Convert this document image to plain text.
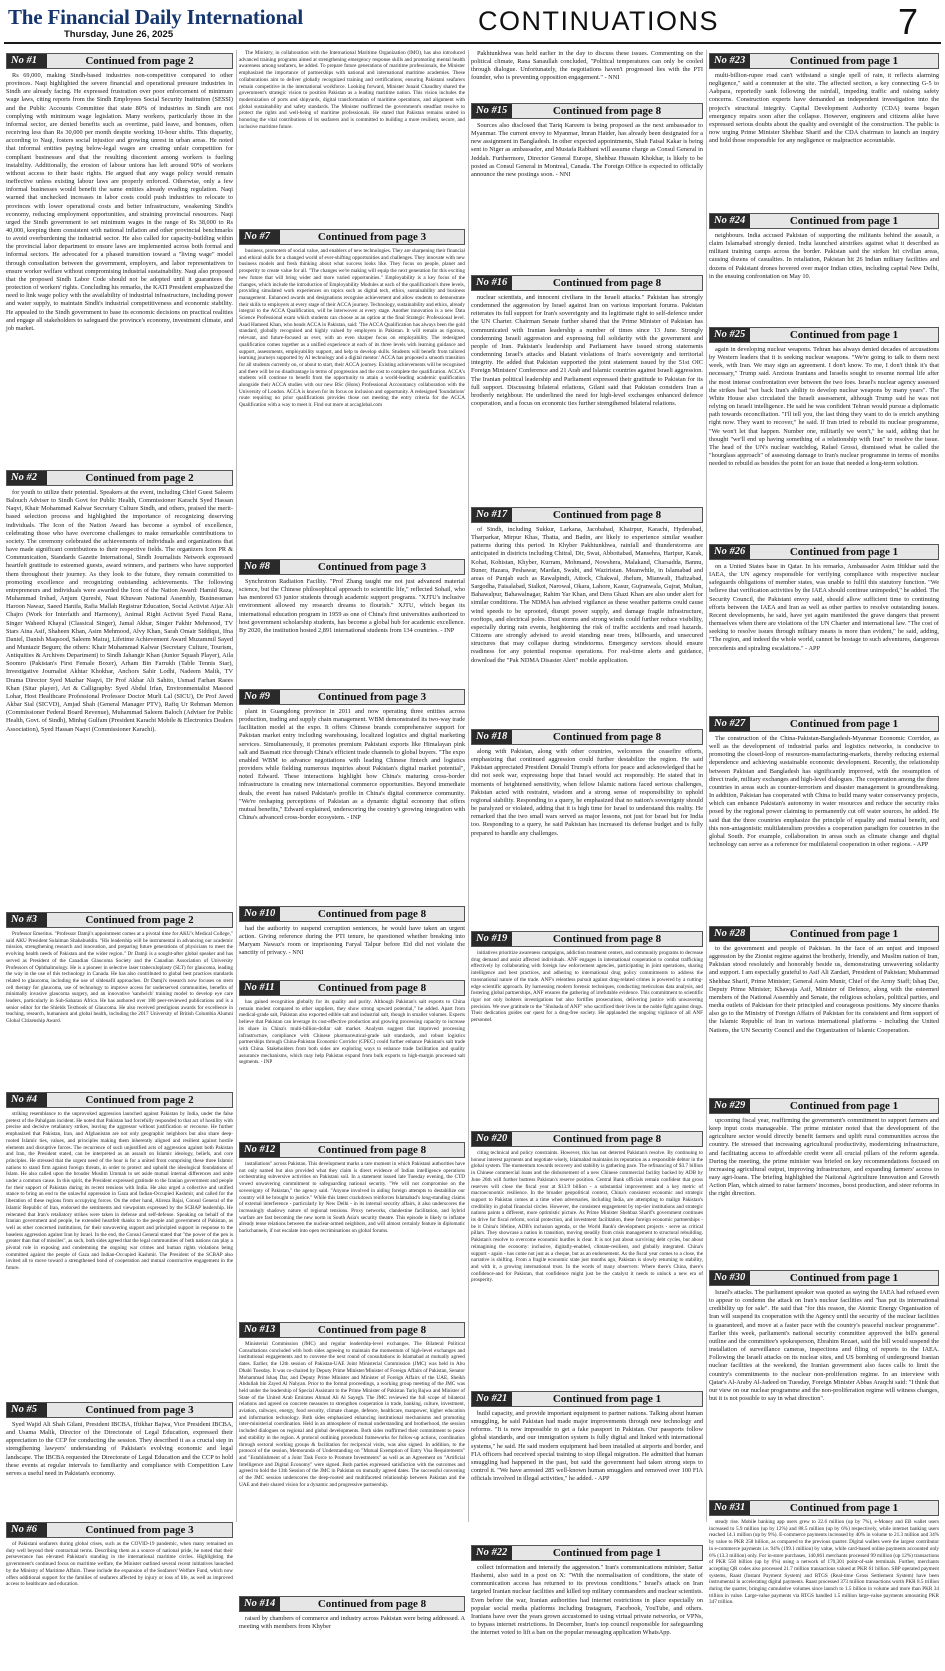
The Financial Daily International
Thursday, June 26, 2025	CONTINUATIONS	7
No #1	Continued from page 2

Rs 69,000, making Sindh-based industries non-competitive compared to other provinces. Naqi highlighted the severe financial and operational pressure industries in Sindh are already facing. He expressed frustration over poor enforcement of minimum wage laws, citing reports from the Sindh Employees Social Security Institution (SESSI) and the Public Accounts Committee that state 80% of industries in Sindh are not complying with minimum wage legislation. Many workers, particularly those in the informal sector, are denied benefits such as overtime, paid leave, and bonuses, often receiving less than Rs 30,000 per month despite working 10-hour shifts. This disparity, according to Naqi, fosters social injustice and growing unrest in urban areas. He noted that informal entities paying below-legal wages are creating unfair competition for compliant businesses and that the resulting discontent among workers is fueling instability. Additionally, the erosion of labour unions has left around 90% of workers without access to their basic rights. He argued that any wage policy would remain ineffective unless existing labour laws are properly enforced. Otherwise, only a few informal businesses would benefit the same entities already evading regulation. Naqi warned that unchecked increases in labor costs could push industries to relocate to provinces with lower operational costs and better infrastructure, weakening Sindh's economy, reducing employment opportunities, and straining provincial resources. Naqi urged the Sindh government to set minimum wages in the range of Rs 38,000 to Rs 40,000, keeping them consistent with national inflation and other provincial benchmarks to avoid overburdening the industrial sector. He also called for capacity-building within the provincial labor department to ensure laws are implemented across both formal and informal sectors. He advocated for a phased transition toward a "living wage" model through consultation between the government, employers, and labor representatives to ensure worker welfare without compromising industrial sustainability. Naqi also proposed that the proposed Sindh Labor Code should not be adopted until it guarantees the protection of workers' rights. Concluding his remarks, the KATI President emphasized the need to link wage policy with the availability of industrial infrastructure, including power and water supply, to maintain Sindh's industrial competitiveness and economic stability. He appealed to the Sindh government to base its economic decisions on practical realities and engage all stakeholders to safeguard the province's economy, investment climate, and job market.

No #2	Continued from page 2

for youth to utilize their potential. Speakers at the event, including Chief Guest Saleem Balouch Adviser to Sindh Govt for Public Health, Commissioner Karachi Syed Hassan Naqvi, Khair Mohammad Kalwar Secretary Culture Sindh, and others, praised the merit-based selection process and highlighted the importance of recognizing deserving individuals. The Icon of the Nation Award has become a symbol of excellence, celebrating those who have overcome challenges to make remarkable contributions to society. The ceremony celebrated the achievements of individuals and organizations that have made significant contributions to their respective fields. The organizers Icon PR & Communication, Standards Gazette International, Sindh Journalists Network expressed heartfelt gratitude to esteemed guests, award winners, and partners who have supported them throughout their journey. As they look to the future, they remain committed to promoting excellence and recognizing outstanding achievements. The following entrepreneurs and individuals were awarded the Icon of the Nation Award: Hamid Raza, Muhammad Irshad, Anjum Qureshi, Naat Khuwan National Assembly, Businessman Haroon Nawaz, Saeed Hanifa, Rafia Mallah Registrar Education, Social Activist Aijaz Ali Chajro (Work for Interfaith and Harmony), Animal Right Activist Syed Fazal Rana, Singer Waheed Khayal (Classical Singer), Jamal Akbar, Singer Fakhir Mehmood, TV Stars Aina Asif, Shaheen Khan, Asim Mehmood, Alvy Khan, Sarah Omair Siddiqui, Ifna Daniel, Danish Maqsood, Saleem Mairaj, Lifetime Achievement Award Muzammil Sayed and Muntazir Begum; the others: Khair Muhammad Kalwar (Secretary Culture, Tourism, Antiquities & Archives Department) to Sindh Jahangir Khan (Junior Squash Player), Aila Soomro (Pakistan's First Female Boxer), Arham Bin Farrukh (Table Tennis Star), Investigative Journalist Akhtar Khokhar, Anchors Sahir Lodhi, Nadeem Malik, TV Drama Director Syed Mazhar Naqvi, Dr Prof Akbar Ali Sahito, Usmad Farhan Raees Khan (Sitar player), Art & Calligraphy: Syed Abdul Irfan, Environmentalist Masood Lohar, Host Healthcare Professional Professor Doctor Murli Lal (SICU), Dr Prof Javed Akbar Sial (SICVD), Amjad Shah (General Manager PTV), Rafiq Ur Rehman Memon (Commissioner Federal Board Revenue), Muhammad Saleem Baloch (Adviser for Public Health, Govt. of Sindh), Minhaj Gulfam (President Karachi Mobile & Electronics Dealers Association), Syed Hassan Naqvi (Commissioner Karachi).

No #3	Continued from page 2

Professor Emeritus. "Professor Damji's appointment comes at a pivotal time for AKU's Medical College," said AKU President Sulaiman Shahabuddin. "His leadership will be instrumental in advancing our academic mission, strengthening research and innovation, and preparing future generations of physicians to meet the evolving health needs of Pakistan and the wider region." Dr Damji is a sought-after global speaker and has served as President of the Canadian Glaucoma Society and the Canadian Association of University Professors of Ophthalmology. He is a pioneer in selective laser trabeculoplasty (SLT) for glaucoma, leading the way in the use of this technology in Canada. He has also contributed to global best practices standards related to glaucoma, including the use of sildenafil approaches. Dr Damji's research now focuses on stem cell therapy for glaucoma, use of technology to improve access for underserved communities, benefits of minimally invasive glaucoma surgery, and an innovative 'sandwich' training model to develop eye care leaders, particularly in Sub-Saharan Africa. He has authored over 180 peer-reviewed publications and is a senior editor for the Shields Textbook of Glaucoma. He also received prestigious awards for excellence in teaching, research, humanism and global health, including the 2017 University of British Columbia Alumni Global Citizenship Award.

No #4	Continued from page 2

striking resemblance to the unprovoked aggression launched against Pakistan by India, under the false pretext of the Pahalgam incident. He noted that Pakistan had forcefully responded to that act of hostility with precise and decisive retaliatory strikes, leaving the aggressor without justification or recourse. He further emphasized that Pakistan, Iran, and Afghanistan are not only geographic neighbors but also share deep-rooted Islamic ties, values, and principles making them inherently aligned and resilient against hostile elements and disruptive forces. The recurrence of such unjustified acts of aggression against both Pakistan and Iran, the President stated, can be interpreted as an assault on Islamic ideology, beliefs, and core principles. He stressed that the urgent need of the hour is for a united front comprising these three Islamic nations to stand firm against foreign threats, in order to protect and uphold the ideological foundations of Islam. He also called upon the broader Muslim Ummah to set aside mutual internal differences and unite under a common cause. In this spirit, the President expressed gratitude to the Iranian government and people for their support of Pakistan during its recent tensions with India. He also urged a collective and unified stance to bring an end to the unlawful oppression in Gaza and Indian-Occupied Kashmir, and called for the liberation of these regions from occupying forces. On the other hand, Alireza Bajai, Consul General of the Islamic Republic of Iran, endorsed the sentiments and viewpoints expressed by the SCBAP leadership. He reiterated that Iran's retaliatory strikes were taken in defense and self-defense. Speaking on behalf of the Iranian government and people, he extended heartfelt thanks to the people and government of Pakistan, as well as other concerned institutions, for their unwavering support and principled support in response to the baseless aggression against Iran by Israel. In the end, the Consul General stated that "the power of the pen is greater than that of missiles", as such, both sides agreed that the legal communities of both nations can play a pivotal role in exposing and condemning the ongoing war crimes and human rights violations being committed against the people of Gaza and Indian-Occupied Kashmir. The President of the SCBAP also invited all to move toward a strengthened bond of cooperation and mutual constructive engagement in the future.

No #5	Continued from page 3

Syed Wajid Ali Shah Gilani, President IBCBA, Iftikhar Bajwa, Vice President IBCBA, and Usama Malik, Director of the Directorate of Legal Education, expressed their appreciation to the CCP for conducting the session. They described it as a crucial step in strengthening lawyers' understanding of Pakistan's evolving economic and legal landscape. The IBCBA requested the Directorate of Legal Education and the CCP to hold these events at regular intervals to familiarity and compliance with Competition Law serves a useful need in Pakistan's economy.

No #6	Continued from page 3

of Pakistani seafarers during global crises, such as the COVID-19 pandemic, when many remained on duty well beyond their contractual terms. Describing them as a source of national pride, he noted that their perseverance has elevated Pakistan's standing in the international maritime circles. Highlighting the government's continued focus on maritime welfare, the Minister outlined several recent initiatives launched by the Ministry of Maritime Affairs. These include the expansion of the Seafarers' Welfare Fund, which now offers additional support for the families of seafarers affected by injury or loss of life, as well as improved access to healthcare and education.

The Ministry, in collaboration with the International Maritime Organization (IMO), has also introduced advanced training programs aimed at strengthening emergency response skills and promoting mental health awareness among seafarers, he added. To prepare future generations of maritime professionals, the Minister emphasized the importance of partnerships with national and international maritime academies. These collaborations aim to deliver globally recognized training and certifications, ensuring Pakistani seafarers remain competitive in the international workforce. Looking forward, Minister Junaid Chaudhry shared the government's strategic vision to position Pakistan as a leading maritime nation. This vision includes the modernization of ports and shipyards, digital transformation of maritime operations, and alignment with global sustainability and safety standards. The Minister reaffirmed the government's steadfast resolve to protect the rights and well-being of maritime professionals. He stated that Pakistan remains united in honoring the vital contributions of its seafarers and is committed to building a more resilient, secure, and inclusive maritime future.

No #7	Continued from page 3

business, promoters of social value, and enablers of new technologies. They are sharpening their financial and ethical skills for a changed world of ever-shifting opportunities and challenges. They innovate with new business models and fresh thinking about what success looks like. They focus on people, planet and prosperity to create value for all. "The changes we're making will equip the next generation for this exciting new future that will bring wider and more varied opportunities." Employability is a key focus of the changes, which include the introduction of Employability Modules at each of the qualification's three levels, providing simulated work experiences on topics such as digital tech, ethics, sustainability and business management. Enhanced awards and designations recognise achievement and allow students to demonstrate their skills to employers at every stage of their ACCA journey. Technology, sustainability and ethics, already integral to the ACCA Qualification, will be interwoven at every stage. Another innovation is a new Data Science Professional exam which students can choose as an option at the final Strategic Professional level. Asad Hameed Khan, who heads ACCA in Pakistan, said: 'The ACCA Qualification has always been the gold standard, globally recognised and highly valued by employers in Pakistan. It will remain as rigorous, relevant, and future-focused as ever, with an even sharper focus on employability. The redesigned qualification comes together as a unified experience at each of its three levels with learning guidance and support, assessments, employability support, and help to develop skills. Students will benefit from tailored learning journeys supported by AI technology and a digital mentor.' ACCA has proposed a smooth transition for all students currently on, or about to start, their ACCA journey. Existing achievements will be recognised and there will be no disadvantage in terms of progression and the cost to complete the qualification. ACCA's students will continue to benefit from the opportunity to attain a world-leading academic qualification alongside their ACCA studies with our new BSc (Hons) Professional Accountancy collaboration with the University of London. ACCA is known for its focus on inclusion and opportunity. A redesigned 'foundations' route requiring no prior qualifications provides those not meeting the entry criteria for the ACCA Qualification with a way to meet it. Find out more at accaglobal.com

No #8	Continued from page 3

Synchrotron Radiation Facility. "Prof Zhang taught me not just advanced material science, but the Chinese philosophical approach to scientific life," reflected Sohail, who has mentored 63 junior students through academic support programs. "XJTU's inclusive environment allowed my research dreams to flourish." XJTU, which began its international education program in 1959 as one of China's first universities authorized to host government scholarship students, has become a global hub for academic excellence. By 2020, the institution hosted 2,891 international students from 134 countries. - INP

No #9	Continued from page 3

plant in Guangdong province in 2011 and now operating three entities across production, trading and supply chain management. WBM demonstrated its two-way trade facilitation model at the expo. It offers Chinese brands comprehensive support for Pakistan market entry including warehousing, localized logistics and digital marketing services. Simultaneously, it promotes premium Pakistani exports like Himalayan pink salt and Basmati rice through China's efficient trade channels to global buyers. "The expo enabled WBM to advance negotiations with leading Chinese fintech and logistics providers while fielding numerous inquiries about Pakistan's digital market potential", noted Edward. These interactions highlight how China's maturing cross-border infrastructure is creating new international commerce opportunities. Beyond immediate deals, the event has raised Pakistan's profile in China's digital commerce community. "We're reshaping perceptions of Pakistan as a dynamic digital economy that offers mutual benefits," Edward explained, underscoring the country's growing integration with China's advanced cross-border ecosystem. - INP

No #10	Continued from page 8

had the authority to suspend corruption sentences, he would have taken an urgent action. Giving reference during the PTI tenure, he questioned whether breaking into Maryam Nawaz's room or imprisoning Faryal Talpur before Eid did not violate the sanctity of privacy. - NNI

No #11	Continued from page 8

has gained recognition globally for its quality and purity. Although Pakistan's salt exports to China remain modest compared to other suppliers, they show strong upward potential," he added. Apart from medical-grade salt, Pakistan also exported edible salt and industrial salt, though in smaller volumes. Experts believe that Pakistan can leverage its cost-effective production and growing processing capacity to increase its share in China's multi-billion-dollar salt market. Analysts suggest that improved processing infrastructure, compliance with Chinese pharmaceutical-grade salt standards, and robust logistics partnerships through China-Pakistan Economic Corridor (CPEC) could further enhance Pakistan's salt trade with China. Stakeholders from both sides are exploring ways to enhance trade facilitation and quality assurance mechanisms, which may help Pakistan expand from bulk exports to high-margin processed salt segments. - INP

No #12	Continued from page 8

installations" across Pakistan. This development marks a rare moment in which Pakistani authorities have not only named but also provided what they claim is direct evidence of Indian intelligence operations orchestrating subversive activities on Pakistani soil. In a statement issued late Tuesday evening, the CTD vowed unwavering commitment to safeguarding national security. "We will not compromise on the sovereignty of Pakistan," the agency said. "Anyone involved in aiding foreign attempts to destabilize our country will be brought to justice." While this latest crackdown reinforces Islamabad's long-standing claims of external interference - particularly by New Delhi - in its internal security affairs, it also underscores the increasingly shadowy nature of regional tensions. Proxy networks, clandestine facilitation, and hybrid warfare are fast becoming the new norm in South Asia's security theatre. This episode is likely to inflame already tense relations between the nuclear-armed neighbors, and will almost certainly feature in diplomatic backchannels, if not escalate into open recriminations on global forums.

No #13	Continued from page 8

Ministerial Commission (JMC) and regular leadership-level exchanges. The Bilateral Political Consultations concluded with both sides agreeing to maintain the momentum of high-level exchanges and institutional engagements and to convene the next round of consultations in Islamabad at mutually agreed dates. Earlier, the 12th session of Pakistan-UAE Joint Ministerial Commission (JMC) was held in Abu Dhabi Tuesday. It was co-chaired by Deputy Prime Minister/Minister of Foreign Affairs of Pakistan, Senator Mohammad Ishaq Dar, and Deputy Prime Minister and Minister of Foreign Affairs of the UAE, Sheikh Abdullah bin Zayed Al Nahyan. Prior to the formal proceedings, a working group meeting of the JMC was held under the leadership of Special Assistant to the Prime Minister of Pakistan Tariq Bajwa and Minister of State of the United Arab Emirates Ahmad Ali Al Sayegh. The JMC reviewed the full scope of bilateral relations and agreed on concrete measures to strengthen cooperation in trade, banking, culture, investment, aviation, railways, energy, food security, climate change, defence, healthcare, manpower, higher education and information technology. Both sides emphasized enhancing institutional mechanisms and promoting inter-ministerial coordination. Held in an atmosphere of mutual understanding and brotherhood, the session included dialogues on regional and global developments. Both sides reaffirmed their commitment to peace and stability in the region. A protocol outlining procedural frameworks for follow-up actions, coordination through sectoral working groups & facilitation for reciprocal visits, was also signed. In addition, to the protocol of the session, Memoranda of Understanding on "Mutual Exemption of Entry Visa Requirements" and "Establishment of a Joint Task Force to Promote Investments" as well as an Agreement on "Artificial Intelligence and Digital Economy" were signed. Both parties expressed satisfaction with the outcomes and agreed to hold the 13th Session of the JMC in Pakistan on mutually agreed dates. The successful convening of the JMC session underscores the deep-rooted and multifaceted relationship between Pakistan and the UAE and their shared vision for a dynamic and progressive partnership.

No #14	Continued from page 8

raised by chambers of commerce and industry across Pakistan were being addressed. A meeting with members from Khyber

Pakhtunkhwa was held earlier in the day to discuss these issues. Commenting on the political climate, Rana Sanaullah concluded, "Political temperatures can only be cooled through dialogue. Unfortunately, the negotiations haven't progressed lies with the PTI founder, who is preventing opposition engagement." - NNI

No #15	Continued from page 8

Sources also disclosed that Tariq Kareem is being proposed as the next ambassador to Myanmar. The current envoy to Myanmar, Imran Haider, has already been designated for a new assignment in Bangladesh. In other expected appointments, Shah Faisal Kakar is being sent to Niger as ambassador, and Mustafa Rabbani will assume charge as Consul General in Jeddah. Furthermore, Director General Europe, Shehbaz Hussain Khokhar, is likely to be posted as Consul General in Montreal, Canada. The Foreign Office is expected to officially announce the new postings soon. - NNI

No #16	Continued from page 8

nuclear scientists, and innocent civilians in the Israeli attacks." Pakistan has strongly condemned the aggression by Israel against Iran on various important forums. Pakistan reiterates its full support for Iran's sovereignty and its legitimate right to self-defence under the UN Charter. Chairman Senate further shared that the Prime Minister of Pakistan has communicated with Iranian leadership a number of times since 13 June. Strongly condemning Israeli aggression and expressing full solidarity with the government and people of Iran. Pakistan's leadership and Parliament have issued strong statements condemning Israel's attacks and blatant violations of Iran's sovereignty and territorial integrity. He added that Pakistan supported the joint statement issued by the 51st OIC Foreign Ministers' Conference and 21 Arab and Islamic countries against Israeli aggression. The Iranian political leadership and Parliament expressed their gratitude to Pakistan for its full support. Discussing bilateral relations, Gilani said that Pakistan considers Iran a brotherly neighbour. He underlined the need for high-level exchanges enhanced defence cooperation, and a focus on economic ties further strengthened bilateral relations.

No #17	Continued from page 8

of Sindh, including Sukkur, Larkana, Jacobabad, Khairpur, Karachi, Hyderabad, Tharparkar, Mirpur Khas, Thatta, and Badin, are likely to experience similar weather patterns during this period. In Khyber Pakhtunkhwa, rainfall and thunderstorms are anticipated in districts including Chitral, Dir, Swat, Abbottabad, Mansehra, Haripur, Karak, Kohat, Kohistan, Khyber, Kurram, Mohmand, Nowshera, Malakand, Charsadda, Bannu, Buner, Hazara, Peshawar, Mardan, Swabi, and Waziristan. Meanwhile, in Islamabad and areas of Punjab such as Rawalpindi, Attock, Chakwal, Jhelum, Mianwali, Hafizabad, Sargodha, Faisalabad, Sialkot, Narowal, Okara, Lahore, Kasur, Gujranwala, Gujrat, Multan, Bahawalpur, Bahawalnagar, Rahim Yar Khan, and Dera Ghazi Khan are also under alert for similar conditions. The NDMA has advised vigilance as these weather patterns could cause wind speeds to be uprooted, disrupt power supply, and damage fragile infrastructure, rooftops, and electrical poles. Dust storms and strong winds could further reduce visibility, especially during rain events, heightening the risk of traffic accidents and road hazards. Citizens are strongly advised to avoid standing near trees, billboards, and unsecured structures that may collapse during windstorms. Emergency services should ensure readiness for any potential response operations. For real-time alerts and guidance, download the "Pak NDMA Disaster Alert" mobile application.

No #18	Continued from page 8

along with Pakistan, along with other countries, welcomes the ceasefire efforts, emphasizing that continued aggression could further destabilize the region. He said Pakistan appreciated President Donald Trump's efforts for peace and acknowledged that he did not seek war, expressing hope that Israel would act responsibly. He stated that in moments of heightened sensitivity, when fellow Islamic nations faced serious challenges, Pakistan acted with restraint, wisdom and a strong sense of responsibility to uphold regional stability. Responding to a query, he emphasized that no nation's sovereignty should be paralyzed or violated, adding that it is high time for Israel to understand this reality. He remarked that the two small wars served as major lessons, not just for Israel but for India too. Responding to a query, he said Pakistan has increased its defense budget and is fully prepared to handle any challenges.

No #19	Continued from page 8

initiatives prioritize awareness campaigns, addiction treatment centers, and community programs to decrease drug demand and assist affected individuals. ANF engages in international cooperation to combat trafficking effectively by collaborating with foreign law enforcement agencies, participating in joint operations, sharing intelligence and best practices, and adhering to international drug policy commitments to address the transnational nature of the trade. ANF's relentless pursuit against drug-related crimes is powered by a cutting-edge scientific approach. By harnessing modern forensic techniques, conducting meticulous data analysis, and fostering global partnerships, ANF ensures the gathering of irrefutable evidence. This commitment to scientific rigor not only bolsters investigations but also fortifies prosecutions, delivering justice with unwavering precision. We owe gratitude to the "Shuhada of ANF" who sacrificed their lives in the noble fight against drugs. Their dedication guides our quest for a drug-free society. He applauded the ongoing vigilance of all ANF personnel.

No #20	Continued from page 8

citing technical and policy constraints. However, this has not deterred Pakistan's resolve. By continuing to honour interest payments and negotiate wisely, Islamabad maintains its reputation as a responsible debtor in the global system. The momentum towards recovery and stability is gathering pace. The refinancing of $3.7 billion in Chinese commercial loans and the disbursement of a new Chinese commercial facility backed by ADB by June 26th will further buttress Pakistan's reserve position. Central Bank officials remain confident that gross reserves will close the fiscal year at $13.9 billion - a substantial improvement and a key metric of macroeconomic resilience. In the broader geopolitical context, China's consistent economic and strategic support to Pakistan comes at a time when adversaries, including India, are attempting to malign Pakistan's credibility in global financial circles. However, the consistent engagement by top-tier institutions and strategic nations paints a different, more optimistic picture. As Prime Minister Shehbaz Sharif's government continues its drive for fiscal reform, social protection, and investment facilitation, these foreign economic partnerships - be it China's lifeline, ADB's inclusion agenda, or the World Bank's development projects - serve as critical pillars. They showcase a nation in transition, moving steadily from crisis management to structural rebuilding. Pakistan's resolve to overcome economic hurdles is clear. It is not just about surviving debt cycles, but about reimagining the economy: inclusive, digitally-enabled, climate-resilient, and globally integrated. China's support - again - has come not just as a cheque, but as an endorsement. As the fiscal year comes to a close, the narrative is shifting. From a fragile economic state just months ago, Pakistan is slowly returning to stability, and with it, a growing international trust. In the words of many observers: Where there's China, there's confidence-and for Pakistan, that confidence might just be the catalyst it needs to unlock a new era of prosperity.

No #21	Continued from page 1

build capacity, and provide important equipment to partner nations. Talking about human smuggling, he said Pakistan had made major improvements through new technology and reforms. "It is now impossible to get a fake passport in Pakistan. Our passports follow global standards, and our immigration system is fully digital and linked with international systems," he said. He said modern equipment had been installed at airports and border, and FIA officers had received special training to stop illegal migration. He admitted that human smuggling had happened in the past, but said the government had taken strong steps to control it. "We have arrested 285 well-known human smugglers and removed over 100 FIA officials involved in illegal activities," he added. - APP

No #22	Continued from page 1

collect information and intensify the aggression." Iran's communications minister, Sattar Hashemi, also said in a post on X: "With the normalisation of conditions, the state of communication access has returned to its previous conditions." Israel's attack on Iran targeted Iranian nuclear facilities and killed top military commanders and nuclear scientists. Even before the war, Iranian authorities had internet restrictions in place especially on popular social media platforms including Instagram, Facebook, YouTube, and others. Iranians have over the years grown accustomed to using virtual private networks, or VPNs, to bypass internet restrictions. In December, Iran's top council responsible for safeguarding the internet voted to lift a ban on the popular messaging application WhatsApp.

No #23	Continued from page 1

multi-billion-rupee road can't withstand a single spell of rain, it reflects alarming negligence," said a commuter at the site. The affected section, a key connecting G-5 to Aabpara, reportedly sank following the rainfall, impeding traffic and raising safety concerns. Construction experts have demanded an independent investigation into the project's structural integrity. Capital Development Authority (CDA) teams began emergency repairs soon after the collapse. However, engineers and citizens alike have expressed serious doubts about the quality and oversight of the construction. The public is now urging Prime Minister Shehbaz Sharif and the CDA chairman to launch an inquiry and hold those responsible for any negligence or malpractice accountable.

No #24	Continued from page 1

neighbours. India accused Pakistan of supporting the militants behind the assault, a claim Islamabad strongly denied. India launched airstrikes against what it described as militant training camps across the border. Pakistan said the strikes hit civilian areas, causing dozens of casualties. In retaliation, Pakistan hit 26 Indian military facilities and dozens of Pakistani drones hovered over major Indian cities, including capital New Delhi, in the ensuing confrontation on May 10.

No #25	Continued from page 1

again in developing nuclear weapons. Tehran has always denied decades of accusations by Western leaders that it is seeking nuclear weapons. "We're going to talk to them next week, with Iran. We may sign an agreement. I don't know. To me, I don't think it's that necessary," Trump said. Anxious Iranians and Israelis sought to resume normal life after the most intense confrontation ever between the two foes. Israel's nuclear agency assessed the strikes had "set back Iran's ability to develop nuclear weapons by many years". The White House also circulated the Israeli assessment, although Trump said he was not relying on Israeli intelligence. He said he was confident Tehran would pursue a diplomatic path towards reconciliation. "I'll tell you, the last thing they want to do is enrich anything right now. They want to recover," he said. If Iran tried to rebuild its nuclear programme, "We won't let that happen. Number one, militarily we won't," he said, adding that he thought "we'll end up having something of a relationship with Iran" to resolve the issue. The head of the UN's nuclear watchdog, Rafael Grossi, dismissed what he called the "hourglass approach" of assessing damage to Iran's nuclear programme in terms of months needed to rebuild as besides the point for an issue that needed a long-term solution.

No #26	Continued from page 1

on a United States base in Qatar. In his remarks, Ambassador Asim Iftikhar said the IAEA, the UN agency responsible for verifying compliance with respective nuclear safeguards obligations of member states, was unable to fulfil this statutory function. "We believe that verification activities by the IAEA should continue unimpeded," he added. The Security Council, the Pakistani envoy said, should allow sufficient time to continuing efforts between the IAEA and Iran as well as other parties to resolve outstanding issues. Recent developments, he said, have yet again manifested the grave dangers that present themselves when there are violations of the UN Charter and international law. "The cost of seeking to resolve issues through military means is more than evident," he said, adding, "The region, and indeed the whole world, cannot be hostage to such adventures, dangerous precedents and spiraling escalations." - APP

No #27	Continued from page 1

The construction of the China-Pakistan-Bangladesh-Myanmar Economic Corridor, as well as the development of industrial parks and logistics networks, is conducive to promoting the closed-loop of resources-manufacturing-markets, thereby reducing external dependence and achieving sustainable economic development. Recently, the relationship between Pakistan and Bangladesh has significantly improved, with the resumption of direct trade, military exchanges and high-level dialogues. The cooperation among the three countries in areas such as counter-terrorism and disaster management is groundbreaking. In addition, Pakistan has cooperated with China to build many water conservancy projects, which can enhance Pakistan's autonomy in water resources and reduce the security risks posed by the regional power claiming to permanently cut off water sources, he added. He said that the three countries emphasize the principle of equality and mutual benefit, and this non-antagonistic multilateralism provides a cooperation paradigm for countries in the global South. For example, collaboration in areas such as climate change and digital technology can serve as a reference for multilateral cooperation in other regions. - APP

No #28	Continued from page 1

to the government and people of Pakistan. In the face of an unjust and imposed aggression by the Zionist regime against the brotherly, friendly, and Muslim nation of Iran, Pakistan stood resolutely and honorably beside us, demonstrating unwavering solidarity and support. I am especially grateful to Asif Ali Zardari, President of Pakistan; Muhammad Shehbaz Sharif, Prime Minister; General Asim Munir, Chief of the Army Staff; Ishaq Dar, Deputy Prime Minister; Khawaja Asif, Minister of Defence, along with the esteemed members of the National Assembly and Senate, the religious scholars, political parties, and media outlets of Pakistan for their principled and courageous positions. My sincere thanks also go to the Ministry of Foreign Affairs of Pakistan for its consistent and firm support of the Islamic Republic of Iran in various international platforms - including the United Nations, the UN Security Council and the Organization of Islamic Cooperation.

No #29	Continued from page 1

upcoming fiscal year, reaffirming the government's commitment to support farmers and keep input costs manageable. The prime minister noted that the development of the agriculture sector would directly benefit farmers and uplift rural communities across the country. He stressed that increasing agricultural productivity, modernizing infrastructure, and facilitating access to affordable credit were all crucial pillars of the reform agenda. During the meeting, the prime minister was briefed on key recommendations focused on increasing agricultural output, improving infrastructure, and expanding farmers' access to easy agri-loans. The briefing highlighted the National Agriculture Innovation and Growth Action Plan, which aimed to raise farmers' incomes, boost production, and steer reforms in the right direction.

No #30	Continued from page 1

Israel's attacks. The parliament speaker was quoted as saying the IAEA had refused even to appear to condemn the attack on Iran's nuclear facilities and "has put its international credibility up for sale". He said that "for this reason, the Atomic Energy Organisation of Iran will suspend its cooperation with the Agency until the security of the nuclear facilities is guaranteed, and move at a faster pace with the country's peaceful nuclear programme". Earlier this week, parliament's national security committee approved the bill's general outline and the committee's spokesperson, Ebrahim Rezaei, said the bill would suspend the installation of surveillance cameras, inspections and filing of reports to the IAEA. Following the Israeli attacks on its nuclear sites, and US bombing of underground Iranian nuclear facilities at the weekend, the Iranian government also faces calls to limit the country's commitments to the nuclear non-proliferation regime. In an interview with Qatar's Al-Araby Al-Jadeed on Tuesday, Foreign Minister Abbas Araqchi said: "I think that our view on our nuclear programme and the non-proliferation regime will witness changes, but it is not possible to say in what direction".

No #31	Continued from page 1

steady rise. Mobile banking app users grew to 22.6 million (up by 7%), e-Money and EB wallet users increased to 5.9 million (up by 12%) and 88.5 million (up by 6%) respectively, while internet banking users reached 14.1 million (up by 9%). E-commerce payments increased by 40% in volume to 21.3 million and 34% by value to PKR 258 billion, as compared to the previous quarter. Digital wallets were the largest contributor in e-commerce payments i.e. 94% (199.1 million) by value, while card-based online payments accounted only 6% (13.3 million) only. For in-store purchases, 140,861 merchants processed 99 million (up 12%) transactions of PKR 550 billion (up by 6%) using a network of 170,301 point-of-sale terminals. Further, merchants accepting QR codes also processed 21.7 million transactions valued at PKR 61 billion. SBP operated payment systems, Raast (Instant Payment System) and RTGS (Real-time Gross Settlement System) have been instrumental in accelerating digital payments. Raast processed 373 million transactions worth PKR 8.5 trillion during the quarter, bringing cumulative volumes since launch to 1.5 billion in volume and more than PKR 34 trillion in value. Large-value payments via RTGS handled 1.5 million large-value payments amounting PKR 347 trillion.
